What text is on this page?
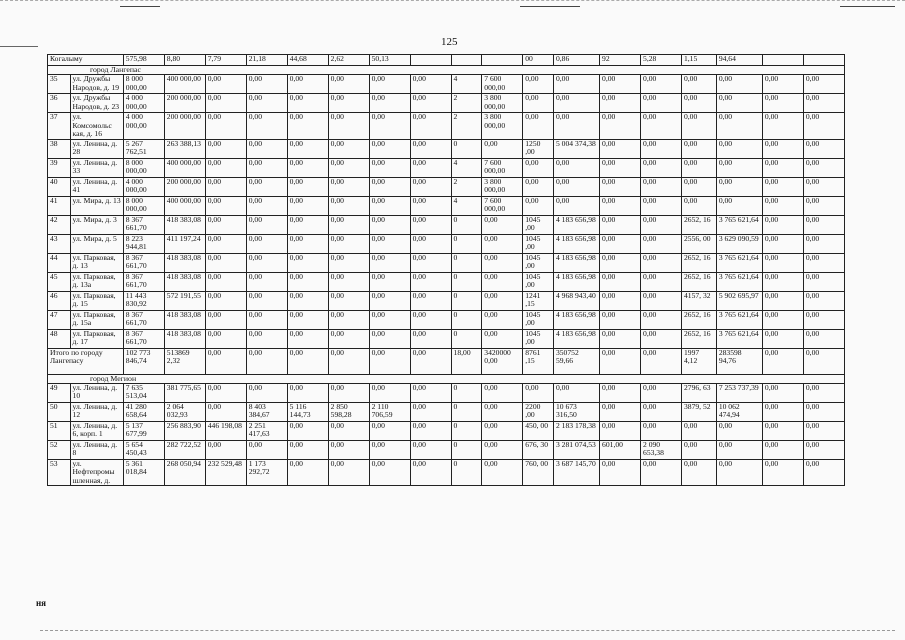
125
Когалыму		575,98	8,80	7,79	21,18	44,68	2,62	50,13				00	0,86	92	5,28	1,15	94,64		
город Лангепас																			
35	ул. Дружбы Народов, д. 19	8 000 000,00	400 000,00	0,00	0,00	0,00	0,00	0,00	0,00	4	7 600 000,00	0,00	0,00	0,00	0,00	0,00	0,00	0,00	0,00
36	ул. Дружбы Народов, д. 23	4 000 000,00	200 000,00	0,00	0,00	0,00	0,00	0,00	0,00	2	3 800 000,00	0,00	0,00	0,00	0,00	0,00	0,00	0,00	0,00
37	ул. Комсомольс кая, д. 16	4 000 000,00	200 000,00	0,00	0,00	0,00	0,00	0,00	0,00	2	3 800 000,00	0,00	0,00	0,00	0,00	0,00	0,00	0,00	0,00
38	ул. Ленина, д. 28	5 267 762,51	263 388,13	0,00	0,00	0,00	0,00	0,00	0,00	0	0,00	1250 ,00	5 004 374,38	0,00	0,00	0,00	0,00	0,00	0,00
39	ул. Ленина, д. 33	8 000 000,00	400 000,00	0,00	0,00	0,00	0,00	0,00	0,00	4	7 600 000,00	0,00	0,00	0,00	0,00	0,00	0,00	0,00	0,00
40	ул. Ленина, д. 41	4 000 000,00	200 000,00	0,00	0,00	0,00	0,00	0,00	0,00	2	3 800 000,00	0,00	0,00	0,00	0,00	0,00	0,00	0,00	0,00
41	ул. Мира, д. 13	8 000 000,00	400 000,00	0,00	0,00	0,00	0,00	0,00	0,00	4	7 600 000,00	0,00	0,00	0,00	0,00	0,00	0,00	0,00	0,00
42	ул. Мира, д. 3	8 367 661,70	418 383,08	0,00	0,00	0,00	0,00	0,00	0,00	0	0,00	1045 ,00	4 183 656,98	0,00	0,00	2652, 16	3 765 621,64	0,00	0,00
43	ул. Мира, д. 5	8 223 944,81	411 197,24	0,00	0,00	0,00	0,00	0,00	0,00	0	0,00	1045 ,00	4 183 656,98	0,00	0,00	2556, 00	3 629 090,59	0,00	0,00
44	ул. Парковая, д. 13	8 367 661,70	418 383,08	0,00	0,00	0,00	0,00	0,00	0,00	0	0,00	1045 ,00	4 183 656,98	0,00	0,00	2652, 16	3 765 621,64	0,00	0,00
45	ул. Парковая, д. 13а	8 367 661,70	418 383,08	0,00	0,00	0,00	0,00	0,00	0,00	0	0,00	1045 ,00	4 183 656,98	0,00	0,00	2652, 16	3 765 621,64	0,00	0,00
46	ул. Парковая, д. 15	11 443 830,92	572 191,55	0,00	0,00	0,00	0,00	0,00	0,00	0	0,00	1241 ,15	4 968 943,40	0,00	0,00	4157, 32	5 902 695,97	0,00	0,00
47	ул. Парковая, д. 15а	8 367 661,70	418 383,08	0,00	0,00	0,00	0,00	0,00	0,00	0	0,00	1045 ,00	4 183 656,98	0,00	0,00	2652, 16	3 765 621,64	0,00	0,00
48	ул. Парковая, д. 17	8 367 661,70	418 383,08	0,00	0,00	0,00	0,00	0,00	0,00	0	0,00	1045 ,00	4 183 656,98	0,00	0,00	2652, 16	3 765 621,64	0,00	0,00
Итого по городу Лангепасу		102 773 846,74	513869 2,32	0,00	0,00	0,00	0,00	0,00	0,00	18,00	3420000 0,00	8761 ,15	350752 59,66	0,00	0,00	1997 4,12	283598 94,76	0,00	0,00
город Мегион																			
49	ул. Ленина, д. 10	7 635 513,04	381 775,65	0,00	0,00	0,00	0,00	0,00	0,00	0	0,00	0,00	0,00	0,00	0,00	2796, 63	7 253 737,39	0,00	0,00
50	ул. Ленина, д. 12	41 280 658,64	2 064 032,93	0,00	8 403 384,67	5 116 144,73	2 850 598,28	2 110 706,59	0,00	0	0,00	2200 ,00	10 673 316,50	0,00	0,00	3879, 52	10 062 474,94	0,00	0,00
51	ул. Ленина, д. 6, корп. 1	5 137 677,99	256 883,90	446 198,08	2 251 417,63	0,00	0,00	0,00	0,00	0	0,00	450, 00	2 183 178,38	0,00	0,00	0,00	0,00	0,00	0,00
52	ул. Ленина, д. 8	5 654 450,43	282 722,52	0,00	0,00	0,00	0,00	0,00	0,00	0	0,00	676, 30	3 281 074,53	601,00	2 090 653,38	0,00	0,00	0,00	0,00
53	ул. Нефтепромы шленная, д.	5 361 018,84	268 050,94	232 529,48	1 173 292,72	0,00	0,00	0,00	0,00	0	0,00	760, 00	3 687 145,70	0,00	0,00	0,00	0,00	0,00	0,00
ня
